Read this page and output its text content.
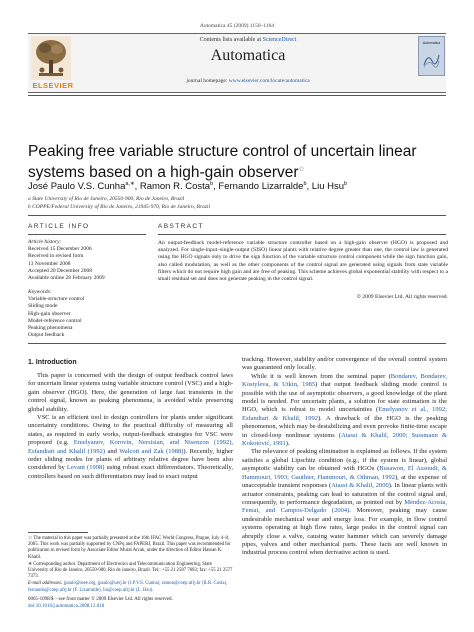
Automatica 45 (2009) 1156–1164
ELSEVIER
Contents lists available at ScienceDirect
Automatica
journal homepage: www.elsevier.com/locate/automatica
Automatica
Peaking free variable structure control of uncertain linear systems based on a high-gain observer☆
José Paulo V.S. Cunha$^{a,∗}$, Ramon R. Costa$^b$, Fernando Lizarralde$^b$, Liu Hsu$^b$
a State University of Rio de Janeiro, 20550-900, Rio de Janeiro, Brazil
b COPPE/Federal University of Rio de Janeiro, 21945-970, Rio de Janeiro, Brazil
ARTICLE INFO
Article history:
Received 15 December 2006
Received in revised form
13 November 2008
Accepted 20 December 2008
Available online 28 February 2009
Keywords:
Variable-structure control
Sliding mode
High-gain observer
Model-reference control
Peaking phenomena
Output feedback
ABSTRACT
An output-feedback model-reference variable structure controller based on a high-gain observer (HGO) is proposed and analyzed. For single-input–single-output (SISO) linear plants with relative degree greater than one, the control law is generated using the HGO signals only to drive the sign function of the variable structure control component while the sign function gain, also called modulation, as well as the other components of the control signal are generated using signals from state variable filters which do not require high gain and are free of peaking. This scheme achieves global exponential stability with respect to a small residual set and does not generate peaking in the control signal.
© 2009 Elsevier Ltd. All rights reserved.
1. Introduction

This paper is concerned with the design of output feedback control laws for uncertain linear systems using variable structure control (VSC) and a high-gain observer (HGO). Here, the generation of large fast transients in the control signal, known as peaking phenomena, is avoided while preserving global stability.

VSC is an efficient tool to design controllers for plants under significant uncertainty conditions. Owing to the practical difficulty of measuring all states, as required in early works, output-feedback strategies for VSC were proposed (e.g. Emelyanov, Korovin, Nersisian, and Nisenzon (1992), Esfandiari and Khalil (1992) and Walcott and Zak (1988)). Recently, higher order sliding modes for plants of arbitrary relative degree have been also considered by Levant (1998) using robust exact differentiators. Theoretically, controllers based on such differentiators may lead to exact output

tracking. However, stability and/or convergence of the overall control system was guaranteed only locally.

While it is well known from the seminal paper (Bondarev, Bondarev, Kostyleva, & Utkin, 1985) that output feedback sliding mode control is possible with the use of asymptotic observers, a good knowledge of the plant model is needed. For uncertain plants, a solution for state estimation is the HGO, which is robust to model uncertainties (Emelyanov et al., 1992; Esfandiari & Khalil, 1992). A drawback of the HGO is the peaking phenomenon, which may be destabilizing and even provoke finite-time escape in closed-loop nonlinear systems (Atassi & Khalil, 2000; Sussmann & Kokotović, 1991).

The relevance of peaking elimination is explained as follows. If the system satisfies a global Lipschitz condition (e.g., if the system is linear), global asymptotic stability can be obtained with HGOs (Busawon, El Assoudi, & Hammouri, 1993; Gauthier, Hammouri, & Othman, 1992), at the expense of unacceptable transient responses (Atassi & Khalil, 2000). In linear plants with actuator constraints, peaking can lead to saturation of the control signal and, consequently, to performance degradation, as pointed out by Méndez-Acosta, Femat, and Campos-Delgado (2004). Moreover, peaking may cause undesirable mechanical wear and energy loss. For example, in flow control systems operating at high flow rates, large peaks in the control signal can abruptly close a valve, causing water hammer which can severely damage pipes, valves and other mechanical parts. These facts are well known in industrial process control when derivative action is used.

☆ The material in this paper was partially presented at the 16th IFAC World Congress, Prague, July 4–8, 2005. This work was partially supported by CNPq and FAPERJ, Brazil. This paper was recommended for publication in revised form by Associate Editor Murat Arcak, under the direction of Editor Hassan K. Khalil.

∗ Corresponding author. Department of Electronics and Telecommunication Engineering, State University of Rio de Janeiro, 20550-900, Rio de Janeiro, Brazil. Tel.: +55 21 2587 7683; fax: +55 21 2577 7373.

E-mail addresses: jpaulo@ieee.org, jpaulo@uerj.br (J.P.V.S. Cunha), ramon@coep.ufrj.br (R.R. Costa), fernando@coep.ufrj.br (F. Lizarralde), liu@coep.ufrj.br (L. Hsu).

0005-1098/$ – see front matter © 2009 Elsevier Ltd. All rights reserved.
doi:10.1016/j.automatica.2008.12.018
